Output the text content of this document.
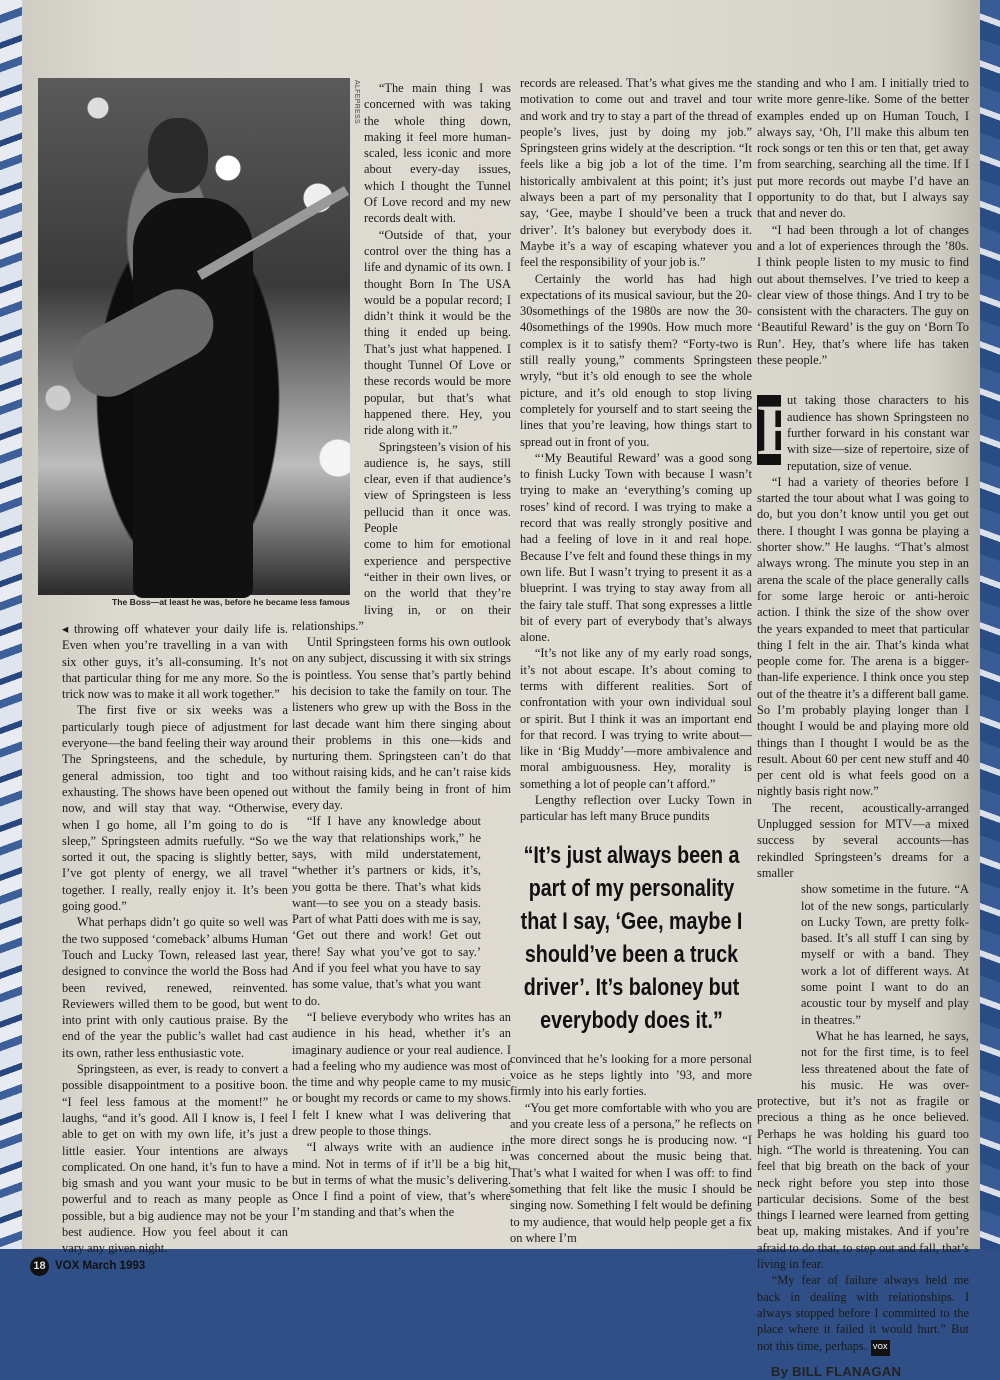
ALFEPRESS
The Boss—at least he was, before he became less famous

“The main thing I was concerned with was taking the whole thing down, making it feel more human-scaled, less iconic and more about every-day issues, which I thought the Tunnel Of Love record and my new records dealt with.

“Outside of that, your control over the thing has a life and dynamic of its own. I thought Born In The USA would be a popular record; I didn’t think it would be the thing it ended up being. That’s just what happened. I thought Tunnel Of Love or these records would be more popular, but that’s what happened there. Hey, you ride along with it.”

Springsteen’s vision of his audience is, he says, still clear, even if that audience’s view of Springsteen is less pellucid than it once was. People

come to him for emotional experience and perspective “either in their own lives, or on the world that they’re living in, or on their relationships.”

Until Springsteen forms his own outlook on any subject, discussing it with six strings is pointless. You sense that’s partly behind his decision to take the family on tour. The listeners who grew up with the Boss in the last decade want him there singing about their problems in this one—kids and nurturing them. Springsteen can’t do that without raising kids, and he can’t raise kids without the family being in front of him every day.

“If I have any knowledge about the way that relationships work,” he says, with mild understatement, “whether it’s partners or kids, it’s, you gotta be there. That’s what kids want—to see you on a steady basis. Part of what Patti does with me is say, ‘Get out there and work! Get out there! Say what you’ve got to say.’ And if you feel what you have to say has some value, that’s what you want to do.

“I believe everybody who writes has an audience in his head, whether it’s an imaginary audience or your real audience. I had a feeling who my audience was most of the time and why people came to my music or bought my records or came to my shows. I felt I knew what I was delivering that drew people to those things.

“I always write with an audience in mind. Not in terms of if it’ll be a big hit, but in terms of what the music’s delivering. Once I find a point of view, that’s where I’m standing and that’s when the

◂ throwing off whatever your daily life is. Even when you’re travelling in a van with six other guys, it’s all-consuming. It’s not that particular thing for me any more. So the trick now was to make it all work together.”

The first five or six weeks was a particularly tough piece of adjustment for everyone—the band feeling their way around The Springsteens, and the schedule, by general admission, too tight and too exhausting. The shows have been opened out now, and will stay that way. “Otherwise, when I go home, all I’m going to do is sleep,” Springsteen admits ruefully. “So we sorted it out, the spacing is slightly better, I’ve got plenty of energy, we all travel together. I really, really enjoy it. It’s been going good.”

What perhaps didn’t go quite so well was the two supposed ‘comeback’ albums Human Touch and Lucky Town, released last year, designed to convince the world the Boss had been revived, renewed, reinvented. Reviewers willed them to be good, but went into print with only cautious praise. By the end of the year the public’s wallet had cast its own, rather less enthusiastic vote.

Springsteen, as ever, is ready to convert a possible disappointment to a positive boon. “I feel less famous at the moment!” he laughs, “and it’s good. All I know is, I feel able to get on with my own life, it’s just a little easier. Your intentions are always complicated. On one hand, it’s fun to have a big smash and you want your music to be powerful and to reach as many people as possible, but a big audience may not be your best audience. How you feel about it can vary any given night.

18 VOX March 1993

records are released. That’s what gives me the motivation to come out and travel and tour and work and try to stay a part of the thread of people’s lives, just by doing my job.” Springsteen grins widely at the description. “It feels like a big job a lot of the time. I’m historically ambivalent at this point; it’s just always been a part of my personality that I say, ‘Gee, maybe I should’ve been a truck driver’. It’s baloney but everybody does it. Maybe it’s a way of escaping whatever you feel the responsibility of your job is.”

Certainly the world has had high expectations of its musical saviour, but the 20-30somethings of the 1980s are now the 30-40somethings of the 1990s. How much more complex is it to satisfy them? “Forty-two is still really young,” comments Springsteen wryly, “but it’s old enough to see the whole picture, and it’s old enough to stop living completely for yourself and to start seeing the lines that you’re leaving, how things start to spread out in front of you.

“‘My Beautiful Reward’ was a good song to finish Lucky Town with because I wasn’t trying to make an ‘everything’s coming up roses’ kind of record. I was trying to make a record that was really strongly positive and had a feeling of love in it and real hope. Because I’ve felt and found these things in my own life. But I wasn’t trying to present it as a blueprint. I was trying to stay away from all the fairy tale stuff. That song expresses a little bit of every part of everybody that’s always alone.

“It’s not like any of my early road songs, it’s not about escape. It’s about coming to terms with different realities. Sort of confrontation with your own individual soul or spirit. But I think it was an important end for that record. I was trying to write about—like in ‘Big Muddy’—more ambivalence and moral ambiguousness. Hey, morality is something a lot of people can’t afford.”

Lengthy reflection over Lucky Town in particular has left many Bruce pundits

“It’s just always been a part of my personality that I say, ‘Gee, maybe I should’ve been a truck driver’. It’s baloney but everybody does it.”

convinced that he’s looking for a more personal voice as he steps lightly into ’93, and more firmly into his early forties.

“You get more comfortable with who you are and you create less of a persona,” he reflects on the more direct songs he is producing now. “I was concerned about the music being that. That’s what I waited for when I was off: to find something that felt like the music I should be singing now. Something I felt would be defining to my audience, that would help people get a fix on where I’m

standing and who I am. I initially tried to write more genre-like. Some of the better examples ended up on Human Touch, I always say, ‘Oh, I’ll make this album ten rock songs or ten this or ten that, get away from searching, searching all the time. If I put more records out maybe I’d have an opportunity to do that, but I always say that and never do.

“I had been through a lot of changes and a lot of experiences through the ’80s. I think people listen to my music to find out about themselves. I’ve tried to keep a clear view of those things. And I try to be consistent with the characters. The guy on ‘Beautiful Reward’ is the guy on ‘Born To Run’. Hey, that’s where life has taken these people.”

B
ut taking those characters to his audience has shown Springsteen no further forward in his constant war with size—size of repertoire, size of reputation, size of venue.

“I had a variety of theories before I started the tour about what I was going to do, but you don’t know until you get out there. I thought I was gonna be playing a shorter show.” He laughs. “That’s almost always wrong. The minute you step in an arena the scale of the place generally calls for some large heroic or anti-heroic action. I think the size of the show over the years expanded to meet that particular thing I felt in the air. That’s kinda what people come for. The arena is a bigger-than-life experience. I think once you step out of the theatre it’s a different ball game. So I’m probably playing longer than I thought I would be and playing more old things than I thought I would be as the result. About 60 per cent new stuff and 40 per cent old is what feels good on a nightly basis right now.”

The recent, acoustically-arranged Unplugged session for MTV—a mixed success by several accounts—has rekindled Springsteen’s dreams for a smaller

show sometime in the future. “A lot of the new songs, particularly on Lucky Town, are pretty folk-based. It’s all stuff I can sing by myself or with a band. They work a lot of different ways. At some point I want to do an acoustic tour by myself and play in theatres.”

What he has learned, he says, not for the first time, is to feel less threatened about the fate of his music. He was over-protective, but it’s not as fragile or precious a thing as he once believed. Perhaps he was holding his guard too high. “The world is threatening. You can feel that big breath on the back of your neck right before you step into those particular decisions. Some of the best things I learned were learned from getting beat up, making mistakes. And if you’re afraid to do that, to step out and fall, that’s living in fear.

“My fear of failure always held me back in dealing with relationships. I always stopped before I committed to the place where it failed it would hurt.” But not this time, perhaps. VOX

By BILL FLANAGAN
